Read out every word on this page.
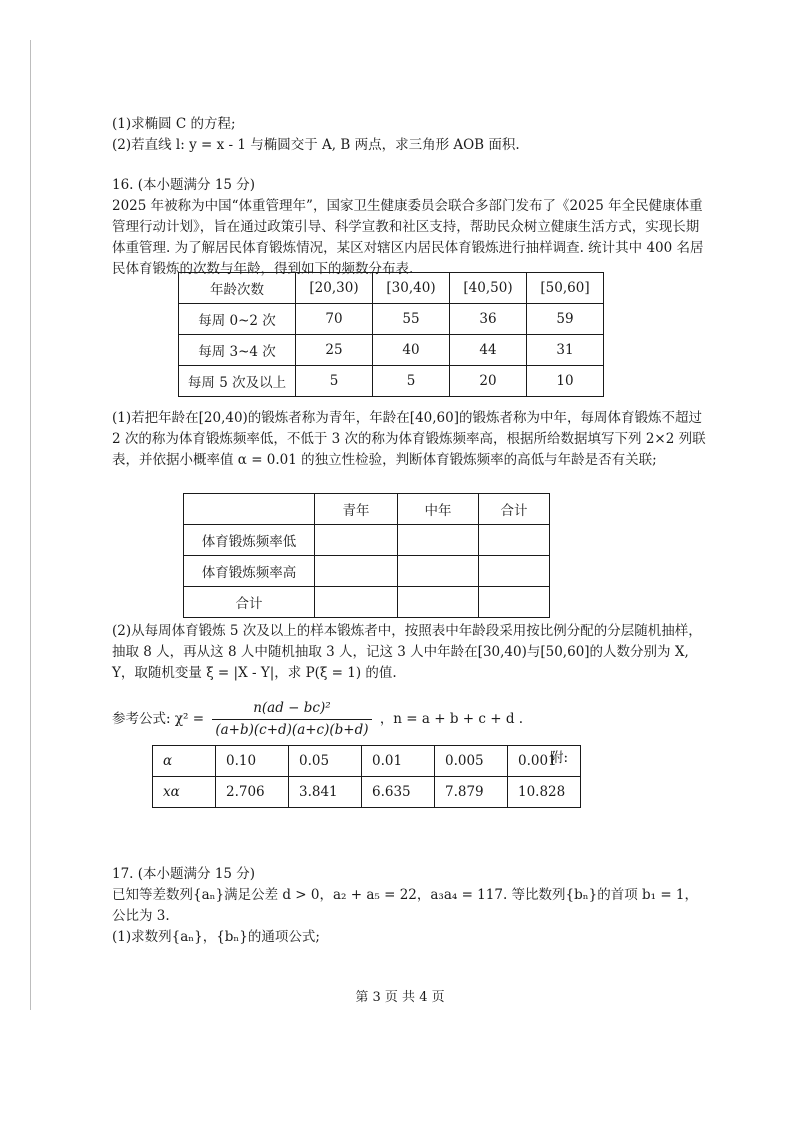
(1)求椭圆 C 的方程;

(2)若直线 l: y = x - 1 与椭圆交于 A, B 两点，求三角形 AOB 面积.

16. (本小题满分 15 分)

2025 年被称为中国“体重管理年”，国家卫生健康委员会联合多部门发布了《2025 年全民健康体重管理行动计划》，旨在通过政策引导、科学宣教和社区支持，帮助民众树立健康生活方式，实现长期体重管理. 为了解居民体育锻炼情况，某区对辖区内居民体育锻炼进行抽样调查. 统计其中 400 名居民体育锻炼的次数与年龄，得到如下的频数分布表.

年龄次数	[20,30)	[30,40)	[40,50)	[50,60]
每周 0~2 次	70	55	36	59
每周 3~4 次	25	40	44	31
每周 5 次及以上	5	5	20	10

(1)若把年龄在[20,40)的锻炼者称为青年，年龄在[40,60]的锻炼者称为中年，每周体育锻炼不超过 2 次的称为体育锻炼频率低，不低于 3 次的称为体育锻炼频率高，根据所给数据填写下列 2×2 列联表，并依据小概率值 α = 0.01 的独立性检验，判断体育锻炼频率的高低与年龄是否有关联;

	青年	中年	合计
体育锻炼频率低			
体育锻炼频率高			
合计			

(2)从每周体育锻炼 5 次及以上的样本锻炼者中，按照表中年龄段采用按比例分配的分层随机抽样，抽取 8 人，再从这 8 人中随机抽取 3 人，记这 3 人中年龄在[30,40)与[50,60]的人数分别为 X, Y，取随机变量 ξ = |X - Y|，求 P(ξ = 1) 的值.

参考公式: $\chi^2 = \frac{\text{n(ad − bc)²}}{(a+b)(c+d)(a+c)(b+d)}$ ，n = a + b + c + d .
α	0.10	0.05	0.01	0.005	0.001
xα	2.706	3.841	6.635	7.879	10.828
附:

17. (本小题满分 15 分)

已知等差数列{aₙ}满足公差 d > 0，a₂ + a₅ = 22，a₃a₄ = 117. 等比数列{bₙ}的首项 b₁ = 1，

公比为 3.

(1)求数列{aₙ}，{bₙ}的通项公式;

第 3 页 共 4 页
